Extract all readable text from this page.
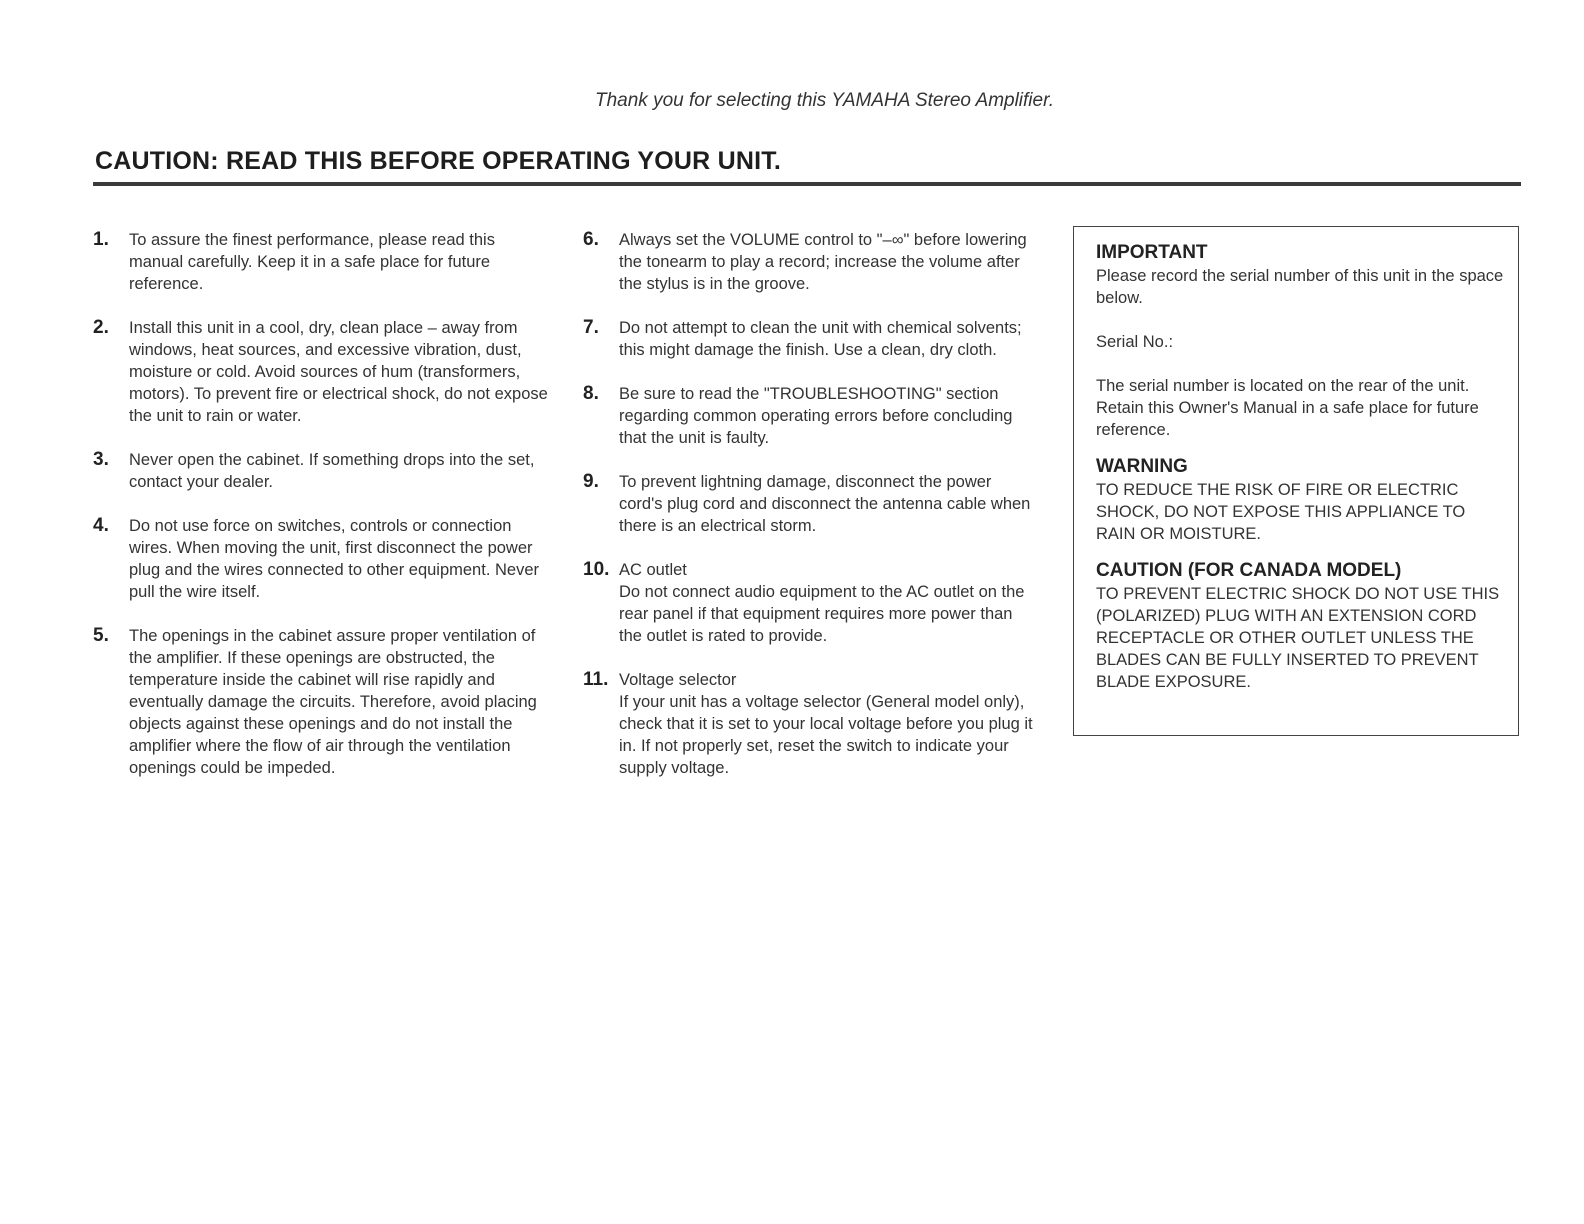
Thank you for selecting this YAMAHA Stereo Amplifier.
CAUTION: READ THIS BEFORE OPERATING YOUR UNIT.
1. To assure the finest performance, please read this manual carefully. Keep it in a safe place for future reference.
2. Install this unit in a cool, dry, clean place – away from windows, heat sources, and excessive vibration, dust, moisture or cold. Avoid sources of hum (transformers, motors). To prevent fire or electrical shock, do not expose the unit to rain or water.
3. Never open the cabinet. If something drops into the set, contact your dealer.
4. Do not use force on switches, controls or connection wires. When moving the unit, first disconnect the power plug and the wires connected to other equipment. Never pull the wire itself.
5. The openings in the cabinet assure proper ventilation of the amplifier. If these openings are obstructed, the temperature inside the cabinet will rise rapidly and eventually damage the circuits. Therefore, avoid placing objects against these openings and do not install the amplifier where the flow of air through the ventilation openings could be impeded.
6. Always set the VOLUME control to "–∞" before lowering the tonearm to play a record; increase the volume after the stylus is in the groove.
7. Do not attempt to clean the unit with chemical solvents; this might damage the finish. Use a clean, dry cloth.
8. Be sure to read the "TROUBLESHOOTING" section regarding common operating errors before concluding that the unit is faulty.
9. To prevent lightning damage, disconnect the power cord's plug cord and disconnect the antenna cable when there is an electrical storm.
10. AC outlet
Do not connect audio equipment to the AC outlet on the rear panel if that equipment requires more power than the outlet is rated to provide.
11. Voltage selector
If your unit has a voltage selector (General model only), check that it is set to your local voltage before you plug it in. If not properly set, reset the switch to indicate your supply voltage.
IMPORTANT

Please record the serial number of this unit in the space below.

Serial No.:

The serial number is located on the rear of the unit.

Retain this Owner's Manual in a safe place for future reference.

WARNING

TO REDUCE THE RISK OF FIRE OR ELECTRIC SHOCK, DO NOT EXPOSE THIS APPLIANCE TO RAIN OR MOISTURE.

CAUTION (FOR CANADA MODEL)

TO PREVENT ELECTRIC SHOCK DO NOT USE THIS (POLARIZED) PLUG WITH AN EXTENSION CORD RECEPTACLE OR OTHER OUTLET UNLESS THE BLADES CAN BE FULLY INSERTED TO PREVENT BLADE EXPOSURE.
